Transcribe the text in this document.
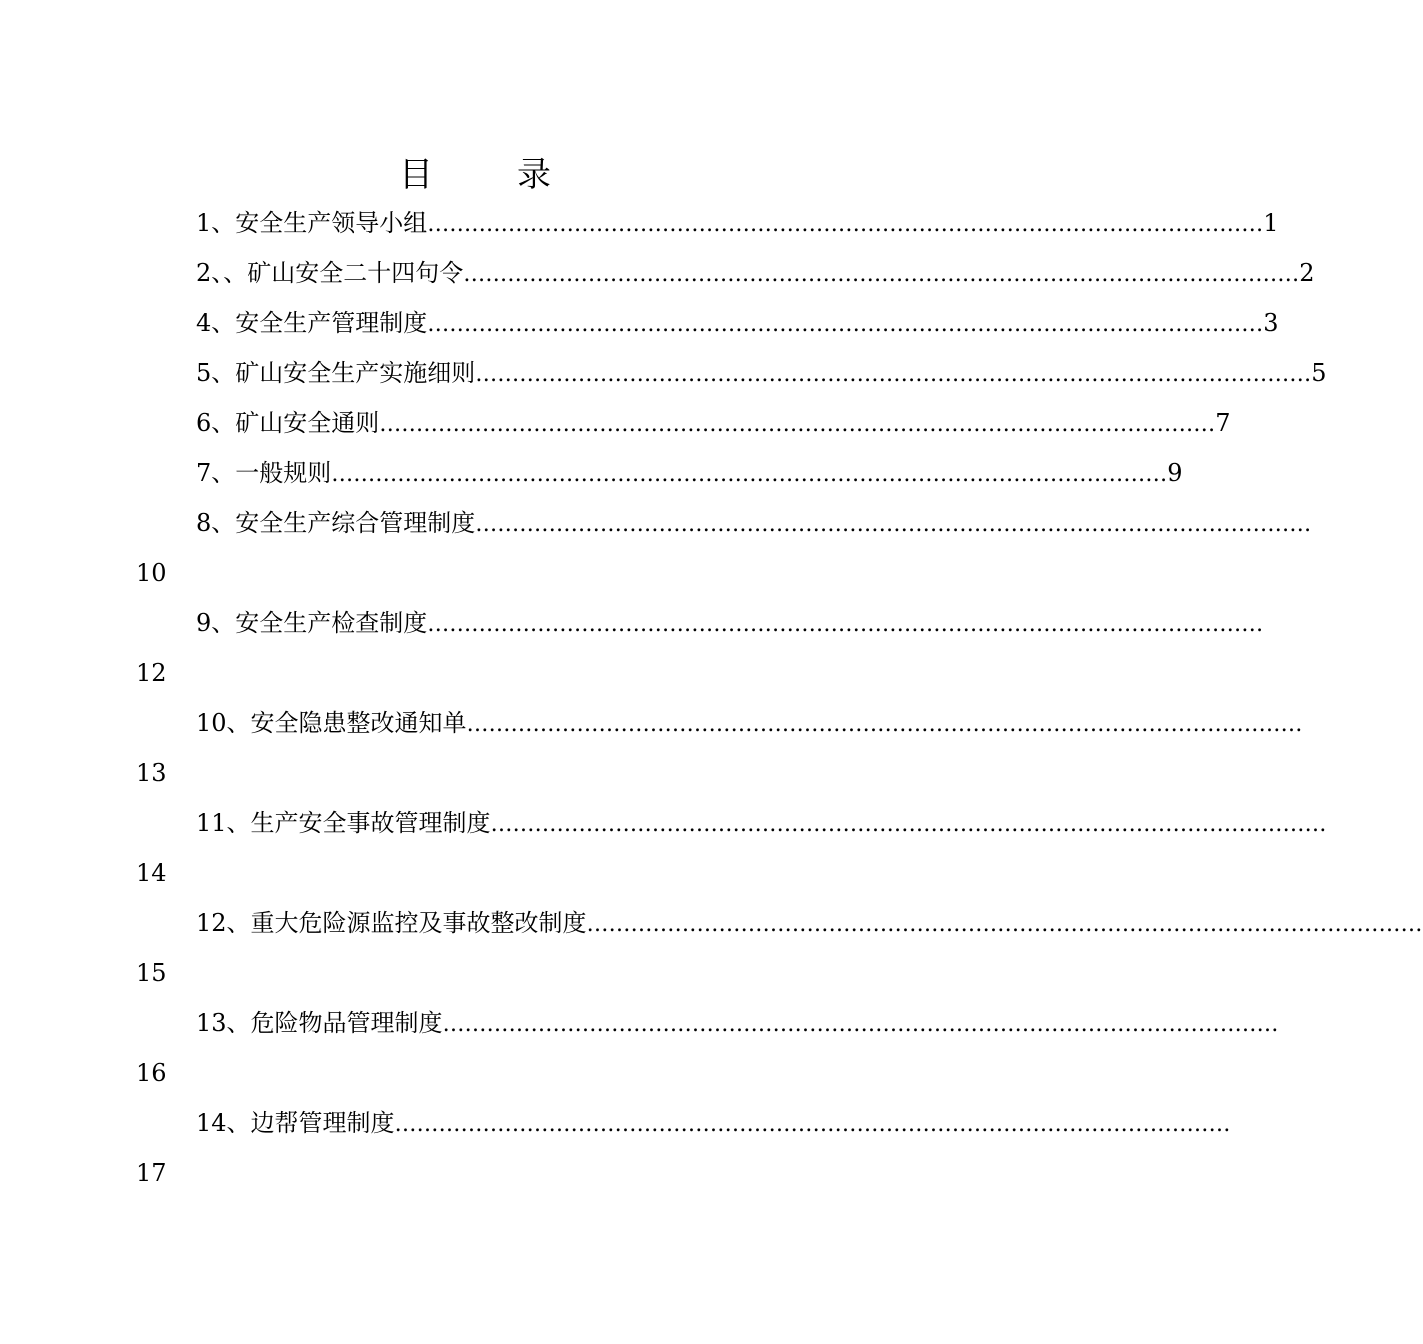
目 录
1、安全生产领导小组 …………………………………………………………………………………………………… 1
2、、矿山安全二十四句令 …………………………………………………………………………………………………… 2
4、安全生产管理制度 …………………………………………………………………………………………………… 3
5、矿山安全生产实施细则 …………………………………………………………………………………………………… 5
6、矿山安全通则 …………………………………………………………………………………………………… 7
7、一般规则 …………………………………………………………………………………………………… 9
8、安全生产综合管理制度 ……………………………………………………………………………………………………
10
9、安全生产检查制度 ……………………………………………………………………………………………………
12
10、安全隐患整改通知单 ……………………………………………………………………………………………………
13
11、生产安全事故管理制度 ……………………………………………………………………………………………………
14
12、重大危险源监控及事故整改制度 ……………………………………………………………………………………………………
15
13、危险物品管理制度 ……………………………………………………………………………………………………
16
14、边帮管理制度 ……………………………………………………………………………………………………
17
